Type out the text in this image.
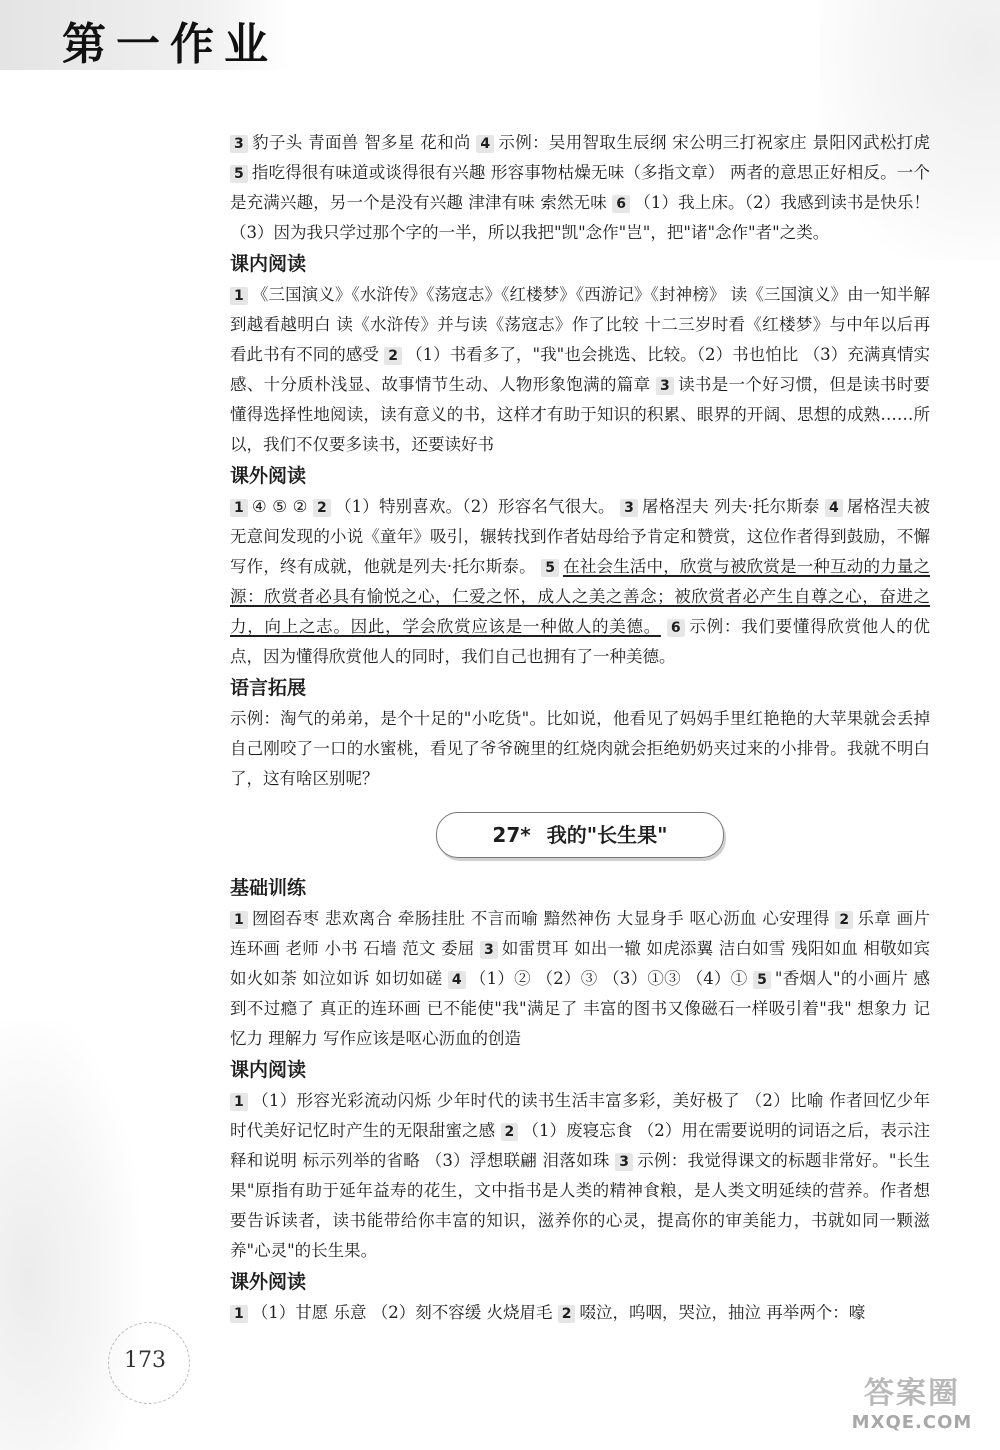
第一作业

3 豹子头 青面兽 智多星 花和尚 4 示例：吴用智取生辰纲 宋公明三打祝家庄 景阳冈武松打虎 5 指吃得很有味道或谈得很有兴趣 形容事物枯燥无味（多指文章） 两者的意思正好相反。一个是充满兴趣，另一个是没有兴趣 津津有味 索然无味 6 （1）我上床。（2）我感到读书是快乐！（3）因为我只学过那个字的一半，所以我把"凯"念作"岂"，把"诸"念作"者"之类。

课内阅读

1 《三国演义》《水浒传》《荡寇志》《红楼梦》《西游记》《封神榜》 读《三国演义》由一知半解到越看越明白 读《水浒传》并与读《荡寇志》作了比较 十二三岁时看《红楼梦》与中年以后再看此书有不同的感受 2 （1）书看多了，"我"也会挑选、比较。（2）书也怕比 （3）充满真情实感、十分质朴浅显、故事情节生动、人物形象饱满的篇章 3 读书是一个好习惯，但是读书时要懂得选择性地阅读，读有意义的书，这样才有助于知识的积累、眼界的开阔、思想的成熟……所以，我们不仅要多读书，还要读好书

课外阅读

1 ④ ⑤ ② 2 （1）特别喜欢。（2）形容名气很大。 3 屠格涅夫 列夫·托尔斯泰 4 屠格涅夫被无意间发现的小说《童年》吸引，辗转找到作者姑母给予肯定和赞赏，这位作者得到鼓励，不懈写作，终有成就，他就是列夫·托尔斯泰。 5 在社会生活中，欣赏与被欣赏是一种互动的力量之源：欣赏者必具有愉悦之心，仁爱之怀，成人之美之善念；被欣赏者必产生自尊之心，奋进之力，向上之志。因此，学会欣赏应该是一种做人的美德。 6 示例：我们要懂得欣赏他人的优点，因为懂得欣赏他人的同时，我们自己也拥有了一种美德。

语言拓展

示例：淘气的弟弟，是个十足的"小吃货"。比如说，他看见了妈妈手里红艳艳的大苹果就会丢掉自己刚咬了一口的水蜜桃，看见了爷爷碗里的红烧肉就会拒绝奶奶夹过来的小排骨。我就不明白了，这有啥区别呢？

27* 我的"长生果"
基础训练

1 囫囵吞枣 悲欢离合 牵肠挂肚 不言而喻 黯然神伤 大显身手 呕心沥血 心安理得 2 乐章 画片 连环画 老师 小书 石墙 范文 委屈 3 如雷贯耳 如出一辙 如虎添翼 洁白如雪 残阳如血 相敬如宾 如火如荼 如泣如诉 如切如磋 4 （1）② （2）③ （3）①③ （4）① 5 "香烟人"的小画片 感到不过瘾了 真正的连环画 已不能使"我"满足了 丰富的图书又像磁石一样吸引着"我" 想象力 记忆力 理解力 写作应该是呕心沥血的创造

课内阅读

1 （1）形容光彩流动闪烁 少年时代的读书生活丰富多彩，美好极了 （2）比喻 作者回忆少年时代美好记忆时产生的无限甜蜜之感 2 （1）废寝忘食 （2）用在需要说明的词语之后，表示注释和说明 标示列举的省略 （3）浮想联翩 泪落如珠 3 示例：我觉得课文的标题非常好。"长生果"原指有助于延年益寿的花生，文中指书是人类的精神食粮，是人类文明延续的营养。作者想要告诉读者，读书能带给你丰富的知识，滋养你的心灵，提高你的审美能力，书就如同一颗滋养"心灵"的长生果。

课外阅读

1 （1）甘愿 乐意 （2）刻不容缓 火烧眉毛 2 啜泣，呜咽，哭泣，抽泣 再举两个：嚎

173
答案圈
MXQE.COM
